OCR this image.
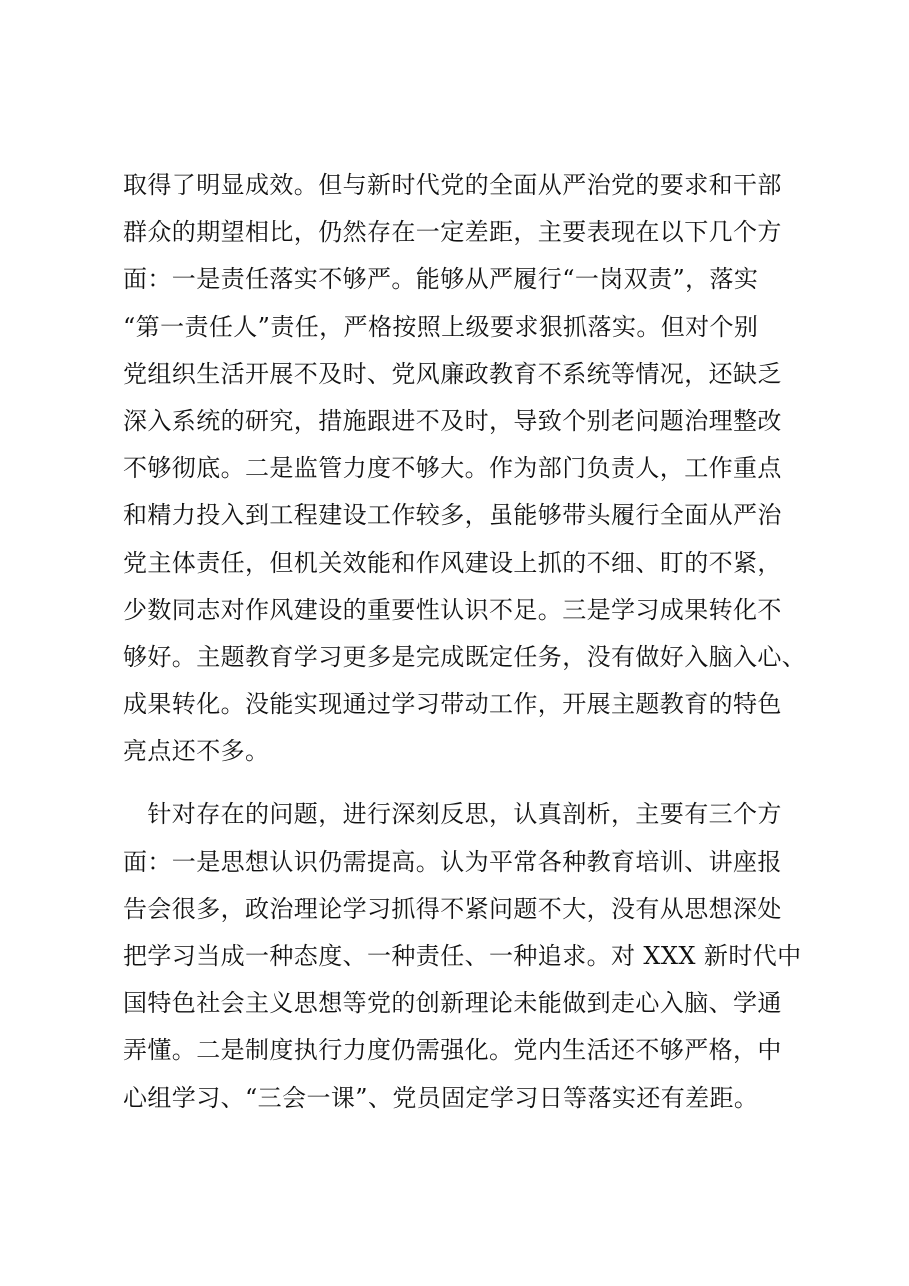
取得了明显成效。但与新时代党的全面从严治党的要求和干部
群众的期望相比，仍然存在一定差距，主要表现在以下几个方
面：一是责任落实不够严。能够从严履行“一岗双责”，落实
“第一责任人”责任，严格按照上级要求狠抓落实。但对个别
党组织生活开展不及时、党风廉政教育不系统等情况，还缺乏
深入系统的研究，措施跟进不及时，导致个别老问题治理整改
不够彻底。二是监管力度不够大。作为部门负责人，工作重点
和精力投入到工程建设工作较多，虽能够带头履行全面从严治
党主体责任，但机关效能和作风建设上抓的不细、盯的不紧，
少数同志对作风建设的重要性认识不足。三是学习成果转化不
够好。主题教育学习更多是完成既定任务，没有做好入脑入心、
成果转化。没能实现通过学习带动工作，开展主题教育的特色
亮点还不多。
　针对存在的问题，进行深刻反思，认真剖析，主要有三个方
面：一是思想认识仍需提高。认为平常各种教育培训、讲座报
告会很多，政治理论学习抓得不紧问题不大，没有从思想深处
把学习当成一种态度、一种责任、一种追求。对 XXX 新时代中
国特色社会主义思想等党的创新理论未能做到走心入脑、学通
弄懂。二是制度执行力度仍需强化。党内生活还不够严格，中
心组学习、“三会一课”、党员固定学习日等落实还有差距。
